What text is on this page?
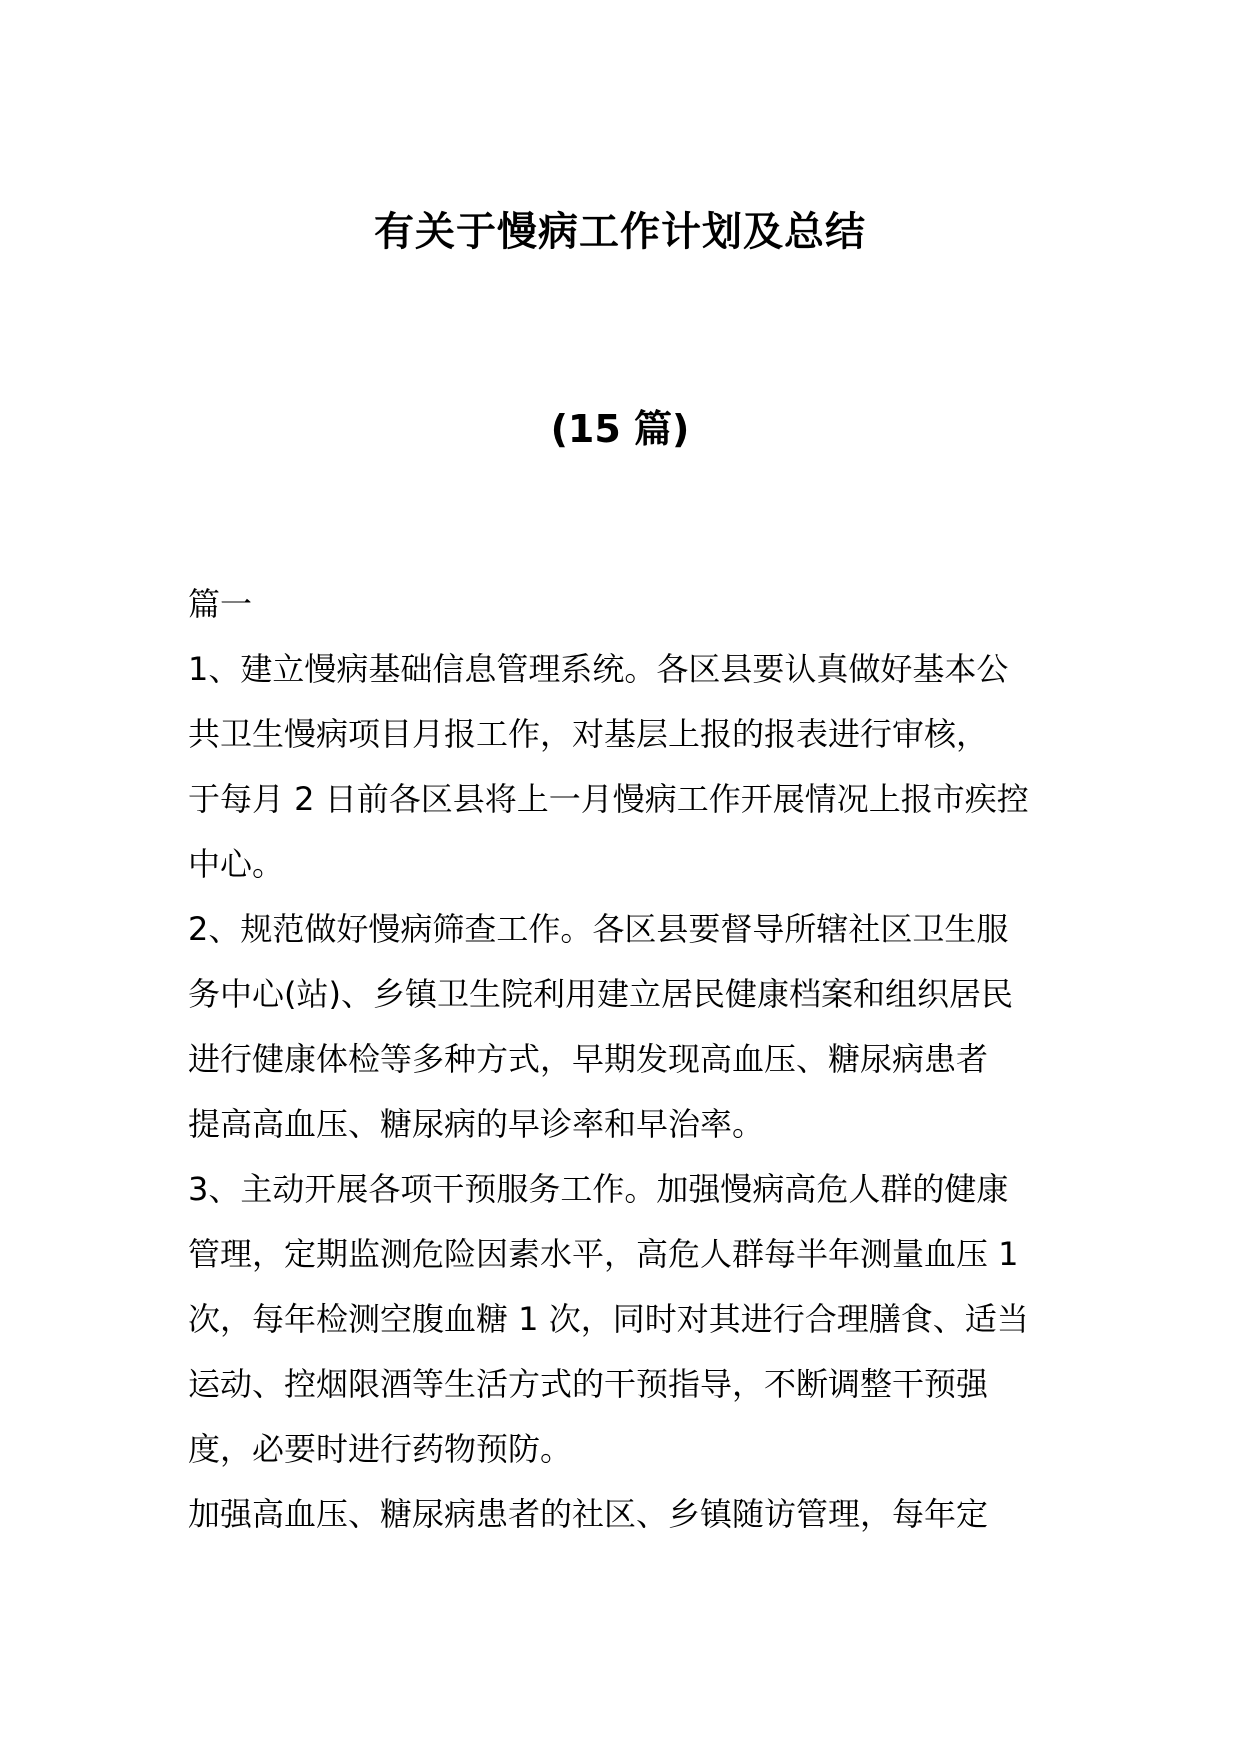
有关于慢病工作计划及总结
(15 篇)
篇一
1、建立慢病基础信息管理系统。各区县要认真做好基本公
共卫生慢病项目月报工作，对基层上报的报表进行审核，
于每月 2 日前各区县将上一月慢病工作开展情况上报市疾控
中心。
2、规范做好慢病筛查工作。各区县要督导所辖社区卫生服
务中心(站)、乡镇卫生院利用建立居民健康档案和组织居民
进行健康体检等多种方式，早期发现高血压、糖尿病患者
提高高血压、糖尿病的早诊率和早治率。
3、主动开展各项干预服务工作。加强慢病高危人群的健康
管理，定期监测危险因素水平，高危人群每半年测量血压 1
次，每年检测空腹血糖 1 次，同时对其进行合理膳食、适当
运动、控烟限酒等生活方式的干预指导，不断调整干预强
度，必要时进行药物预防。
加强高血压、糖尿病患者的社区、乡镇随访管理，每年定
